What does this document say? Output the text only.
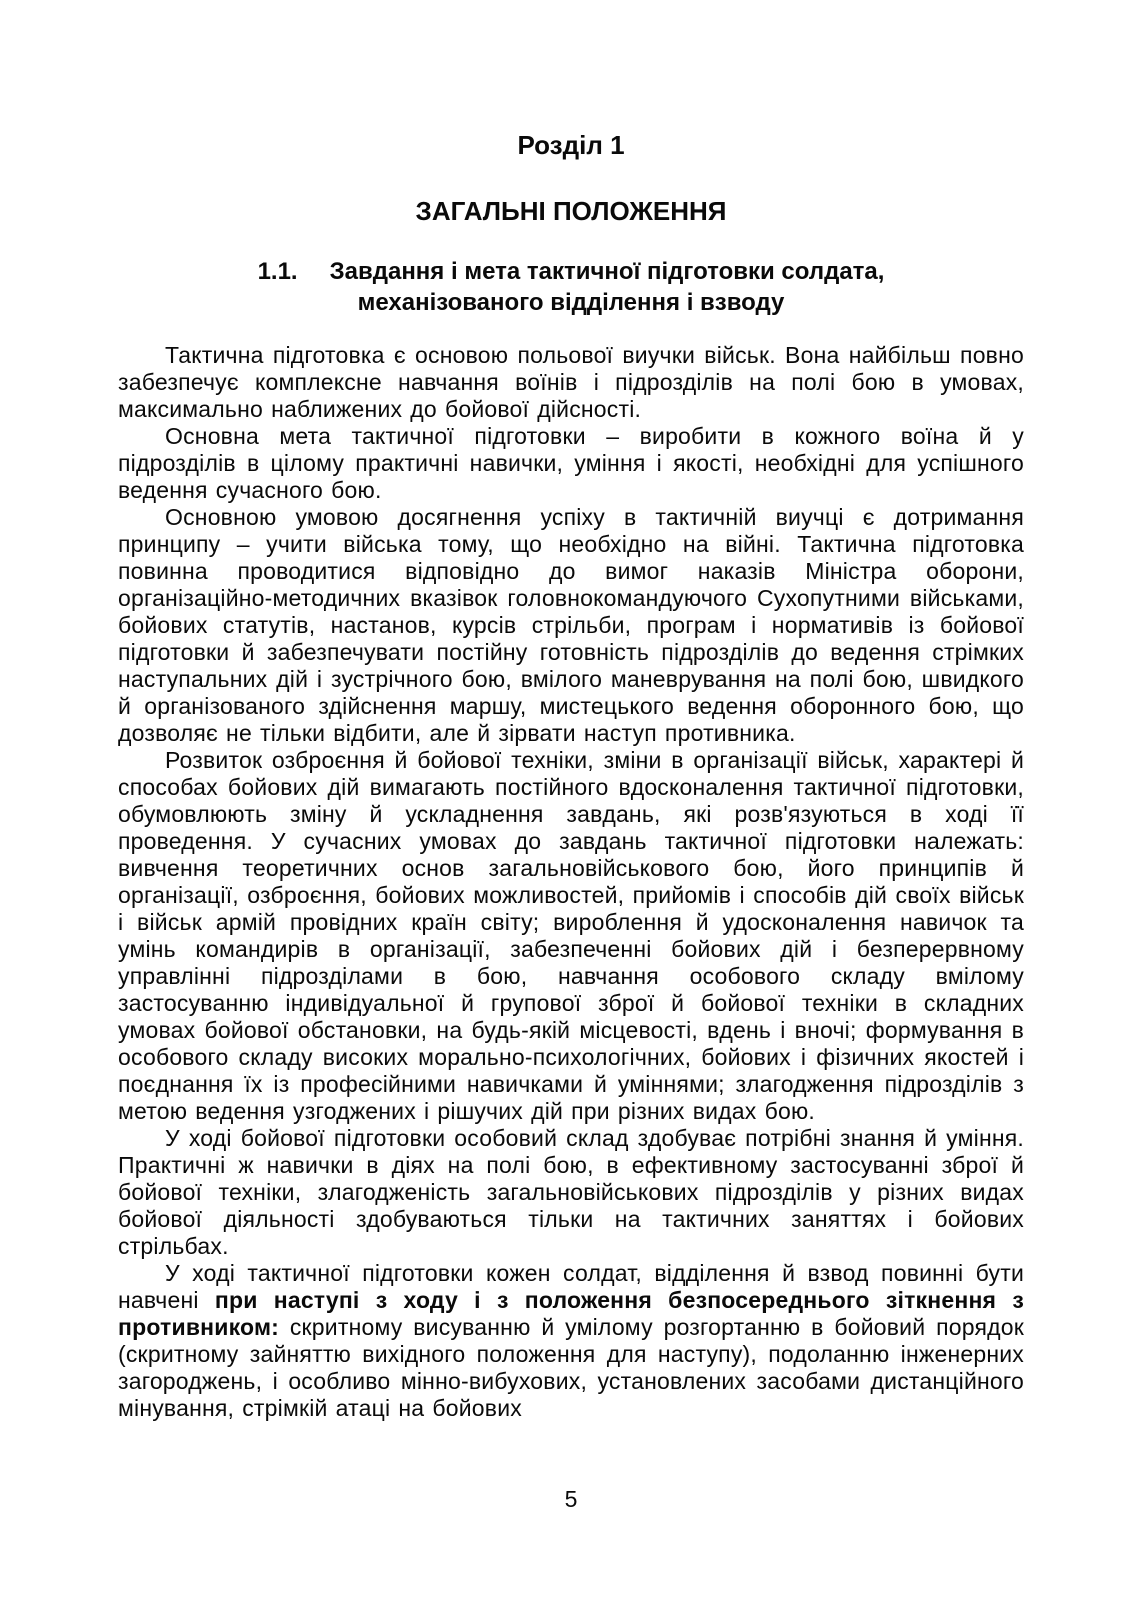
Розділ 1
ЗАГАЛЬНІ ПОЛОЖЕННЯ
1.1. Завдання і мета тактичної підготовки солдата,
механізованого відділення і взводу

Тактична підготовка є основою польової виучки військ. Вона найбільш повно забезпечує комплексне навчання воїнів і підрозділів на полі бою в умовах, максимально наближених до бойової дійсності.

Основна мета тактичної підготовки – виробити в кожного воїна й у підрозділів в цілому практичні навички, уміння і якості, необхідні для успішного ведення сучасного бою.

Основною умовою досягнення успіху в тактичній виучці є дотримання принципу – учити війська тому, що необхідно на війні. Тактична підготовка повинна проводитися відповідно до вимог наказів Міністра оборони, організаційно-методичних вказівок головнокомандуючого Сухопутними військами, бойових статутів, настанов, курсів стрільби, програм і нормативів із бойової підготовки й забезпечувати постійну готовність підрозділів до ведення стрімких наступальних дій і зустрічного бою, вмілого маневрування на полі бою, швидкого й організованого здійснення маршу, мистецького ведення оборонного бою, що дозволяє не тільки відбити, але й зірвати наступ противника.

Розвиток озброєння й бойової техніки, зміни в організації військ, характері й способах бойових дій вимагають постійного вдосконалення тактичної підготовки, обумовлюють зміну й ускладнення завдань, які розв'язуються в ході її проведення. У сучасних умовах до завдань тактичної підготовки належать: вивчення теоретичних основ загальновійськового бою, його принципів й організації, озброєння, бойових можливостей, прийомів і способів дій своїх військ і військ армій провідних країн світу; вироблення й удосконалення навичок та умінь командирів в організації, забезпеченні бойових дій і безперервному управлінні підрозділами в бою, навчання особового складу вмілому застосуванню індивідуальної й групової зброї й бойової техніки в складних умовах бойової обстановки, на будь-якій місцевості, вдень і вночі; формування в особового складу високих морально-психологічних, бойових і фізичних якостей і поєднання їх із професійними навичками й уміннями; злагодження підрозділів з метою ведення узгоджених і рішучих дій при різних видах бою.

У ході бойової підготовки особовий склад здобуває потрібні знання й уміння. Практичні ж навички в діях на полі бою, в ефективному застосуванні зброї й бойової техніки, злагодженість загальновійськових підрозділів у різних видах бойової діяльності здобуваються тільки на тактичних заняттях і бойових стрільбах.

У ході тактичної підготовки кожен солдат, відділення й взвод повинні бути навчені при наступі з ходу і з положення безпосереднього зіткнення з противником: скритному висуванню й умілому розгортанню в бойовий порядок (скритному зайняттю вихідного положення для наступу), подоланню інженерних загороджень, і особливо мінно-вибухових, установлених засобами дистанційного мінування, стрімкій атаці на бойових

5
